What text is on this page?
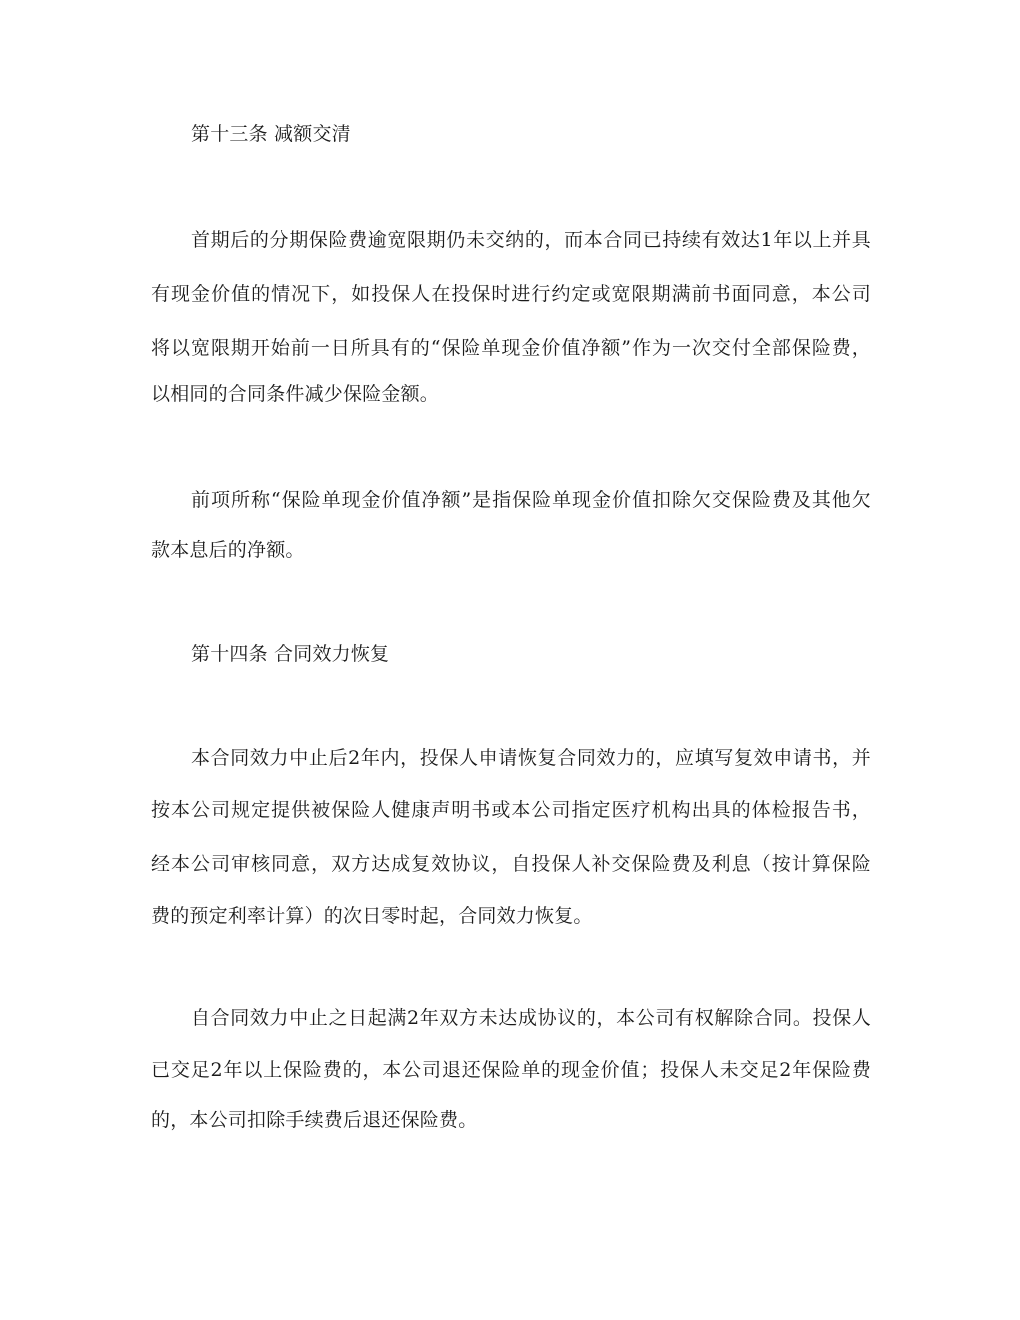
第十三条 减额交清
首期后的分期保险费逾宽限期仍未交纳的，而本合同已持续有效达1年以上并具
有现金价值的情况下，如投保人在投保时进行约定或宽限期满前书面同意，本公司
将以宽限期开始前一日所具有的“保险单现金价值净额”作为一次交付全部保险费，
以相同的合同条件减少保险金额。
前项所称“保险单现金价值净额”是指保险单现金价值扣除欠交保险费及其他欠
款本息后的净额。
第十四条 合同效力恢复
本合同效力中止后2年内，投保人申请恢复合同效力的，应填写复效申请书，并
按本公司规定提供被保险人健康声明书或本公司指定医疗机构出具的体检报告书，
经本公司审核同意，双方达成复效协议，自投保人补交保险费及利息（按计算保险
费的预定利率计算）的次日零时起，合同效力恢复。
自合同效力中止之日起满2年双方未达成协议的，本公司有权解除合同。投保人
已交足2年以上保险费的，本公司退还保险单的现金价值；投保人未交足2年保险费
的，本公司扣除手续费后退还保险费。
